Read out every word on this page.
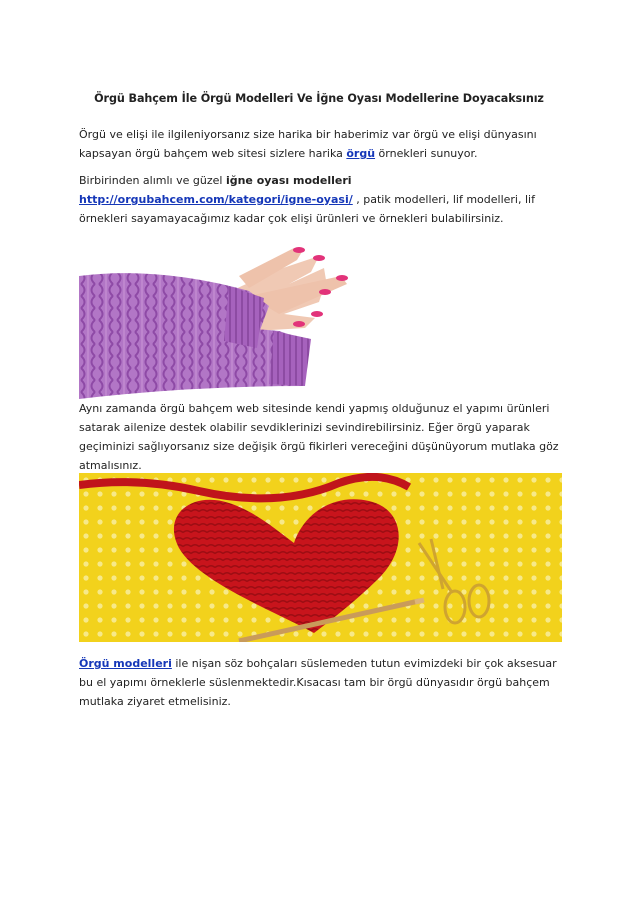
Örgü Bahçem İle Örgü Modelleri Ve İğne Oyası Modellerine Doyacaksınız

Örgü ve elişi ile ilgileniyorsanız size harika bir haberimiz var örgü ve elişi dünyasını kapsayan örgü bahçem web sitesi sizlere harika örgü örnekleri sunuyor.

Birbirinden alımlı ve güzel iğne oyası modelleri
http://orgubahcem.com/kategori/igne-oyasi/ , patik modelleri, lif modelleri, lif örnekleri sayamayacağımız kadar çok elişi ürünleri ve örnekleri bulabilirsiniz.

Aynı zamanda örgü bahçem web sitesinde kendi yapmış olduğunuz el yapımı ürünleri satarak ailenize destek olabilir sevdiklerinizi sevindirebilirsiniz. Eğer örgü yaparak geçiminizi sağlıyorsanız size değişik örgü fikirleri vereceğini düşünüyorum mutlaka göz atmalısınız.

Örgü modelleri ile nişan söz bohçaları süslemeden tutun evimizdeki bir çok aksesuar bu el yapımı örneklerle süslenmektedir.Kısacası tam bir örgü dünyasıdır örgü bahçem mutlaka ziyaret etmelisiniz.
